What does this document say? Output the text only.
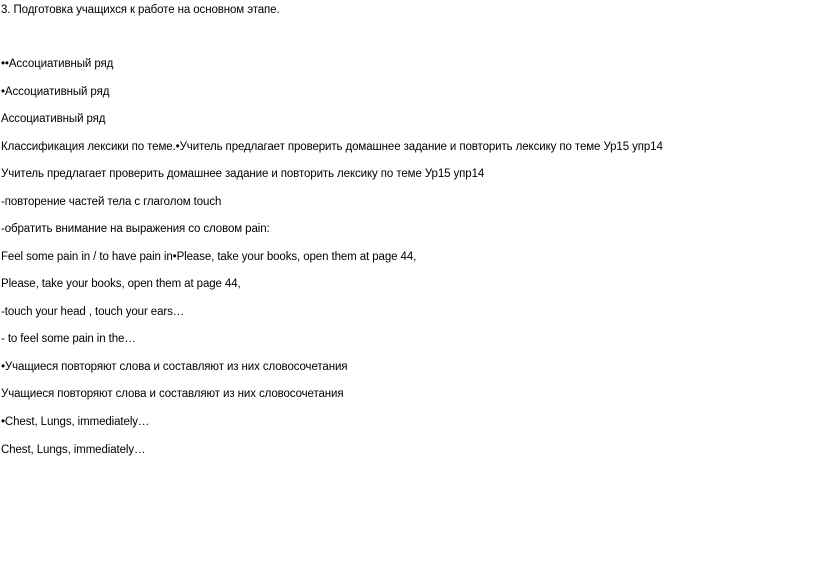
3. Подготовка учащихся к работе на основном этапе.
••Ассоциативный ряд
•Ассоциативный ряд
Ассоциативный ряд
Классификация лексики по теме.•Учитель предлагает проверить домашнее задание и повторить лексику по теме Ур15 упр14
Учитель предлагает проверить домашнее задание и повторить лексику по теме Ур15 упр14
-повторение частей тела с глаголом touch
-обратить внимание на выражения со словом pain:
Feel some pain in / to have pain in•Please, take your books, open them at page 44,
Please, take your books, open them at page 44,
-touch your head , touch your ears…
- to feel some pain in the…
•Учащиеся повторяют слова и составляют из них словосочетания
Учащиеся повторяют слова и составляют из них словосочетания
•Chest, Lungs, immediately…
Chest, Lungs, immediately…
